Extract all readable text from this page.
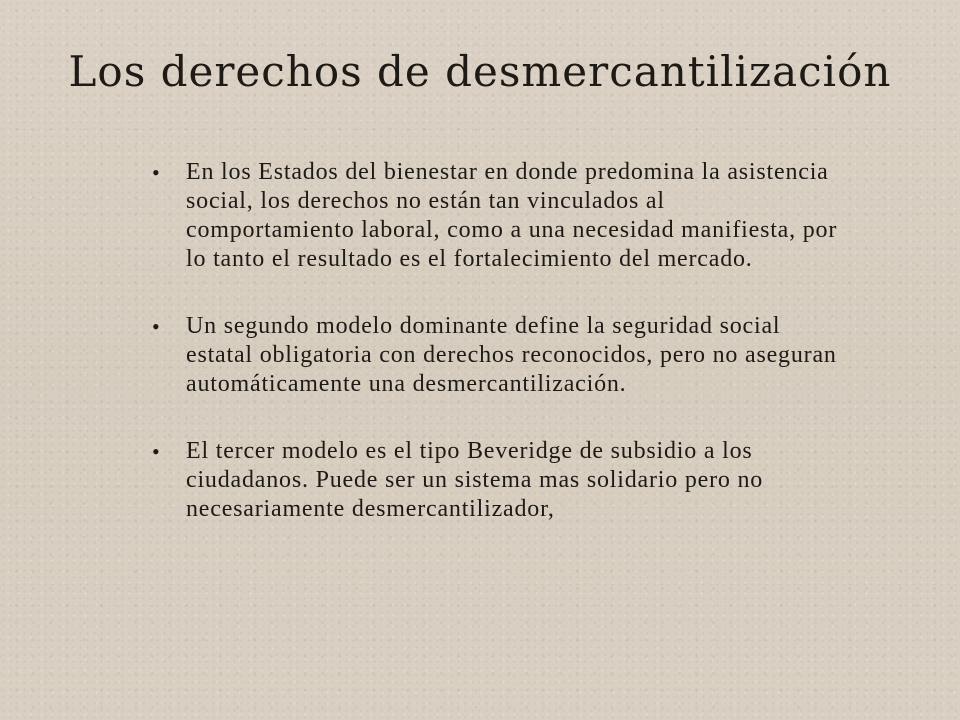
Los derechos de desmercantilización
• En los Estados del bienestar en donde predomina la asistencia social, los derechos no están tan vinculados al comportamiento laboral, como a una necesidad manifiesta, por lo tanto el resultado es el fortalecimiento del mercado.
• Un segundo modelo dominante define la seguridad social estatal obligatoria con derechos reconocidos, pero no aseguran automáticamente una desmercantilización.
• El tercer modelo es el tipo Beveridge de subsidio a los ciudadanos. Puede ser un sistema mas solidario pero no necesariamente desmercantilizador,
